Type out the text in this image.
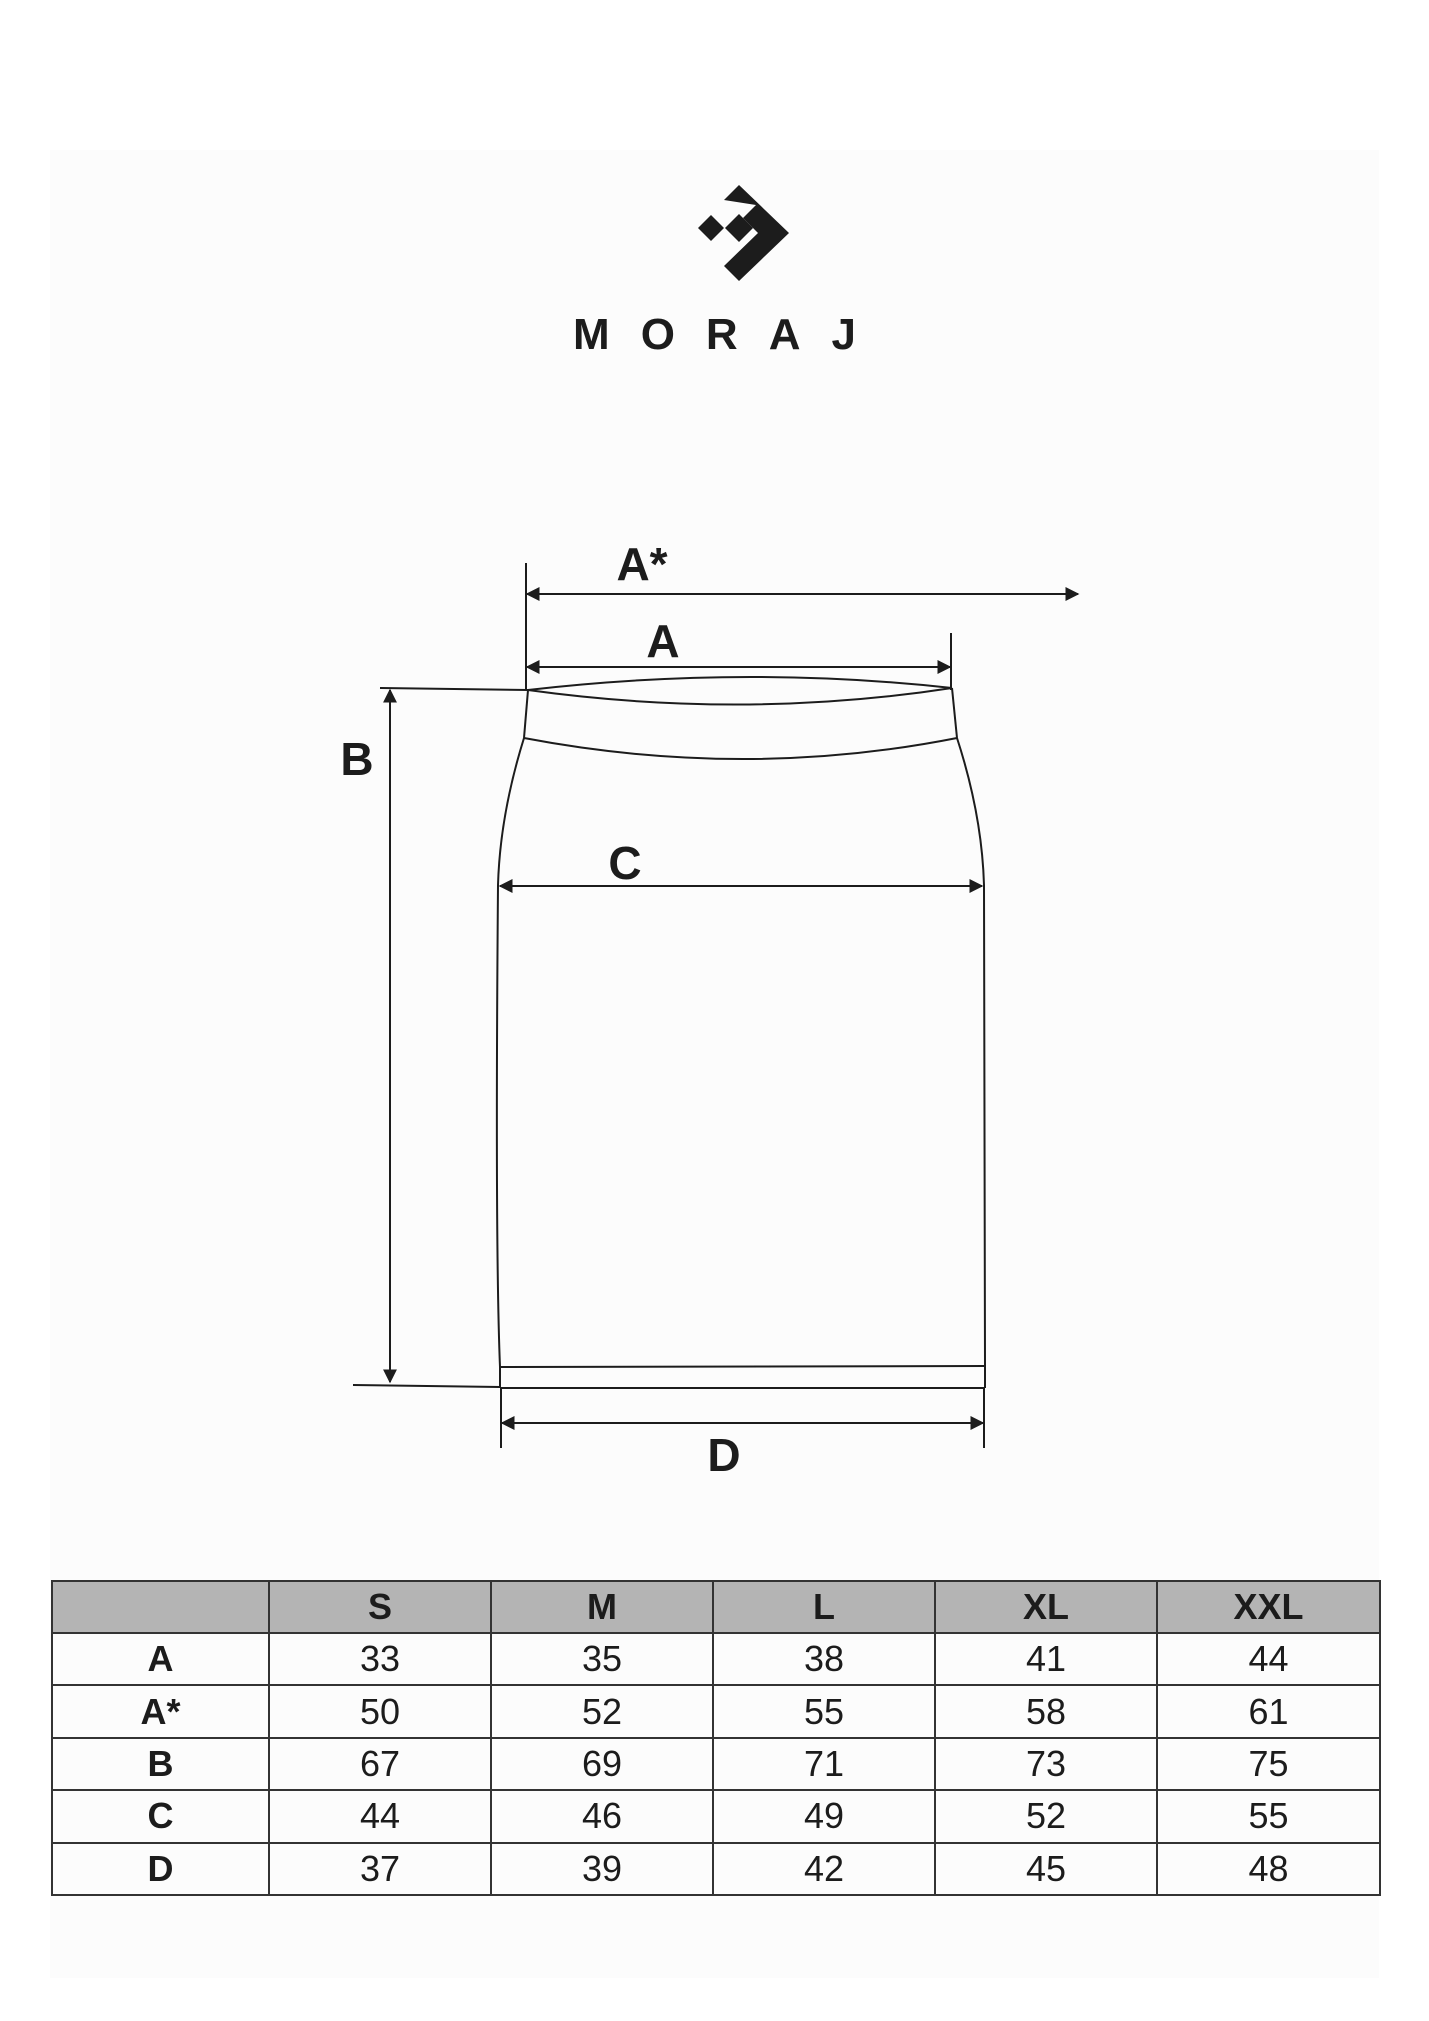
MORAJ
A*
A
B
C
D
	S	M	L	XL	XXL
A	33	35	38	41	44
A*	50	52	55	58	61
B	67	69	71	73	75
C	44	46	49	52	55
D	37	39	42	45	48
